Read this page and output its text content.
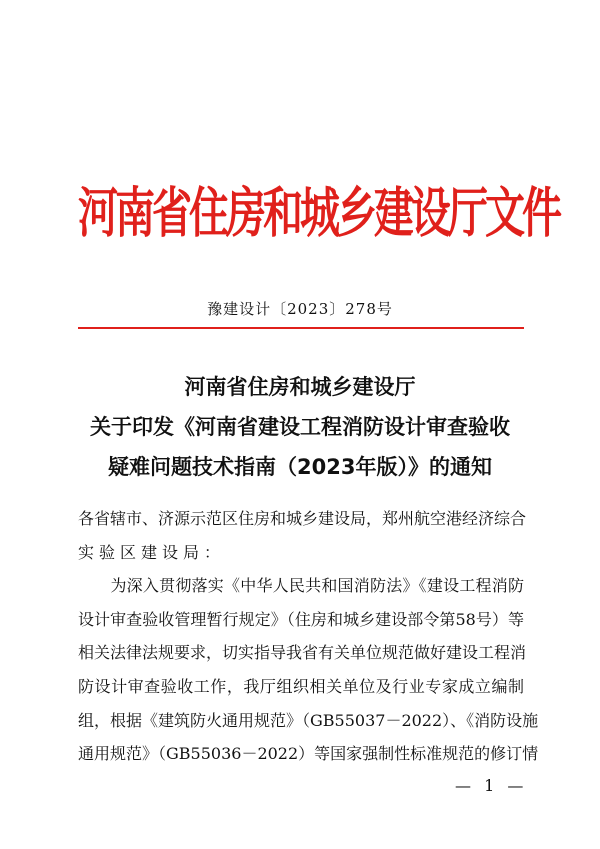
河南省住房和城乡建设厅文件
豫建设计〔2023〕278号
河南省住房和城乡建设厅
关于印发《河南省建设工程消防设计审查验收
疑难问题技术指南（2023年版）》的通知
各省辖市、济源示范区住房和城乡建设局，郑州航空港经济综合
实验区建设局：
　　为深入贯彻落实《中华人民共和国消防法》《建设工程消防
设计审查验收管理暂行规定》（住房和城乡建设部令第58号）等
相关法律法规要求，切实指导我省有关单位规范做好建设工程消
防设计审查验收工作，我厅组织相关单位及行业专家成立编制
组，根据《建筑防火通用规范》（GB55037－2022）、《消防设施
通用规范》（GB55036－2022）等国家强制性标准规范的修订情
— 1 —
